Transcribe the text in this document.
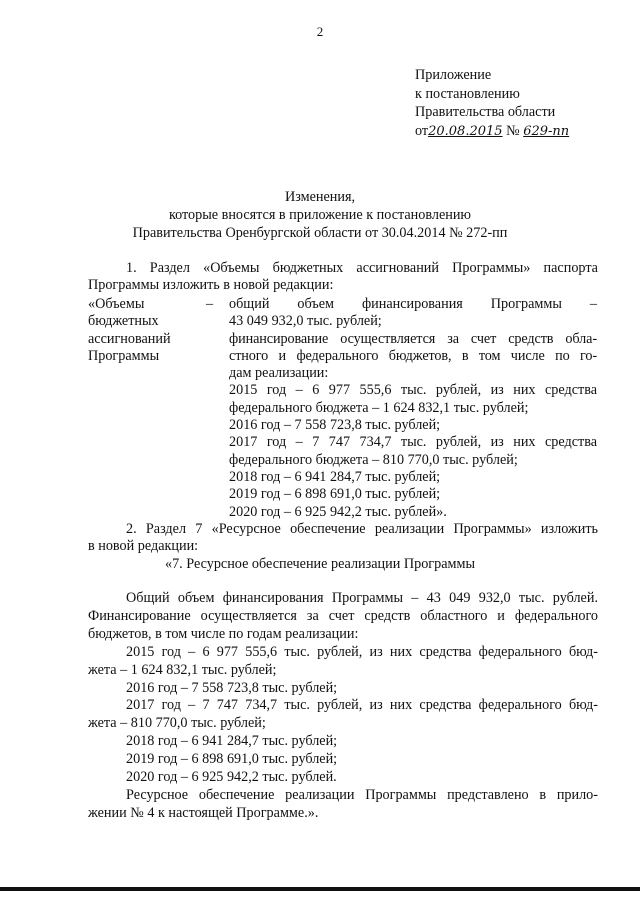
2
Приложение
к постановлению
Правительства области
от20.08.2015 № 629-пп
Изменения,
которые вносятся в приложение к постановлению
Правительства Оренбургской области от 30.04.2014 № 272-пп
1. Раздел «Объемы бюджетных ассигнований Программы» паспорта
Программы изложить в новой редакции:
«Объемы
бюджетных
ассигнований
Программы
– общий объем финансирования Программы –
43 049 932,0 тыс. рублей;
финансирование осуществляется за счет средств обла-
стного и федерального бюджетов, в том числе по го-
дам реализации:
2015 год – 6 977 555,6 тыс. рублей, из них средства
федерального бюджета – 1 624 832,1 тыс. рублей;
2016 год – 7 558 723,8 тыс. рублей;
2017 год – 7 747 734,7 тыс. рублей, из них средства
федерального бюджета – 810 770,0 тыс. рублей;
2018 год – 6 941 284,7 тыс. рублей;
2019 год – 6 898 691,0 тыс. рублей;
2020 год – 6 925 942,2 тыс. рублей».
2. Раздел 7 «Ресурсное обеспечение реализации Программы» изложить
в новой редакции:
«7. Ресурсное обеспечение реализации Программы
Общий объем финансирования Программы – 43 049 932,0 тыс. рублей.
Финансирование осуществляется за счет средств областного и федерального
бюджетов, в том числе по годам реализации:
2015 год – 6 977 555,6 тыс. рублей, из них средства федерального бюд-
жета – 1 624 832,1 тыс. рублей;
2016 год – 7 558 723,8 тыс. рублей;
2017 год – 7 747 734,7 тыс. рублей, из них средства федерального бюд-
жета – 810 770,0 тыс. рублей;
2018 год – 6 941 284,7 тыс. рублей;
2019 год – 6 898 691,0 тыс. рублей;
2020 год – 6 925 942,2 тыс. рублей.
Ресурсное обеспечение реализации Программы представлено в прило-
жении № 4 к настоящей Программе.».
